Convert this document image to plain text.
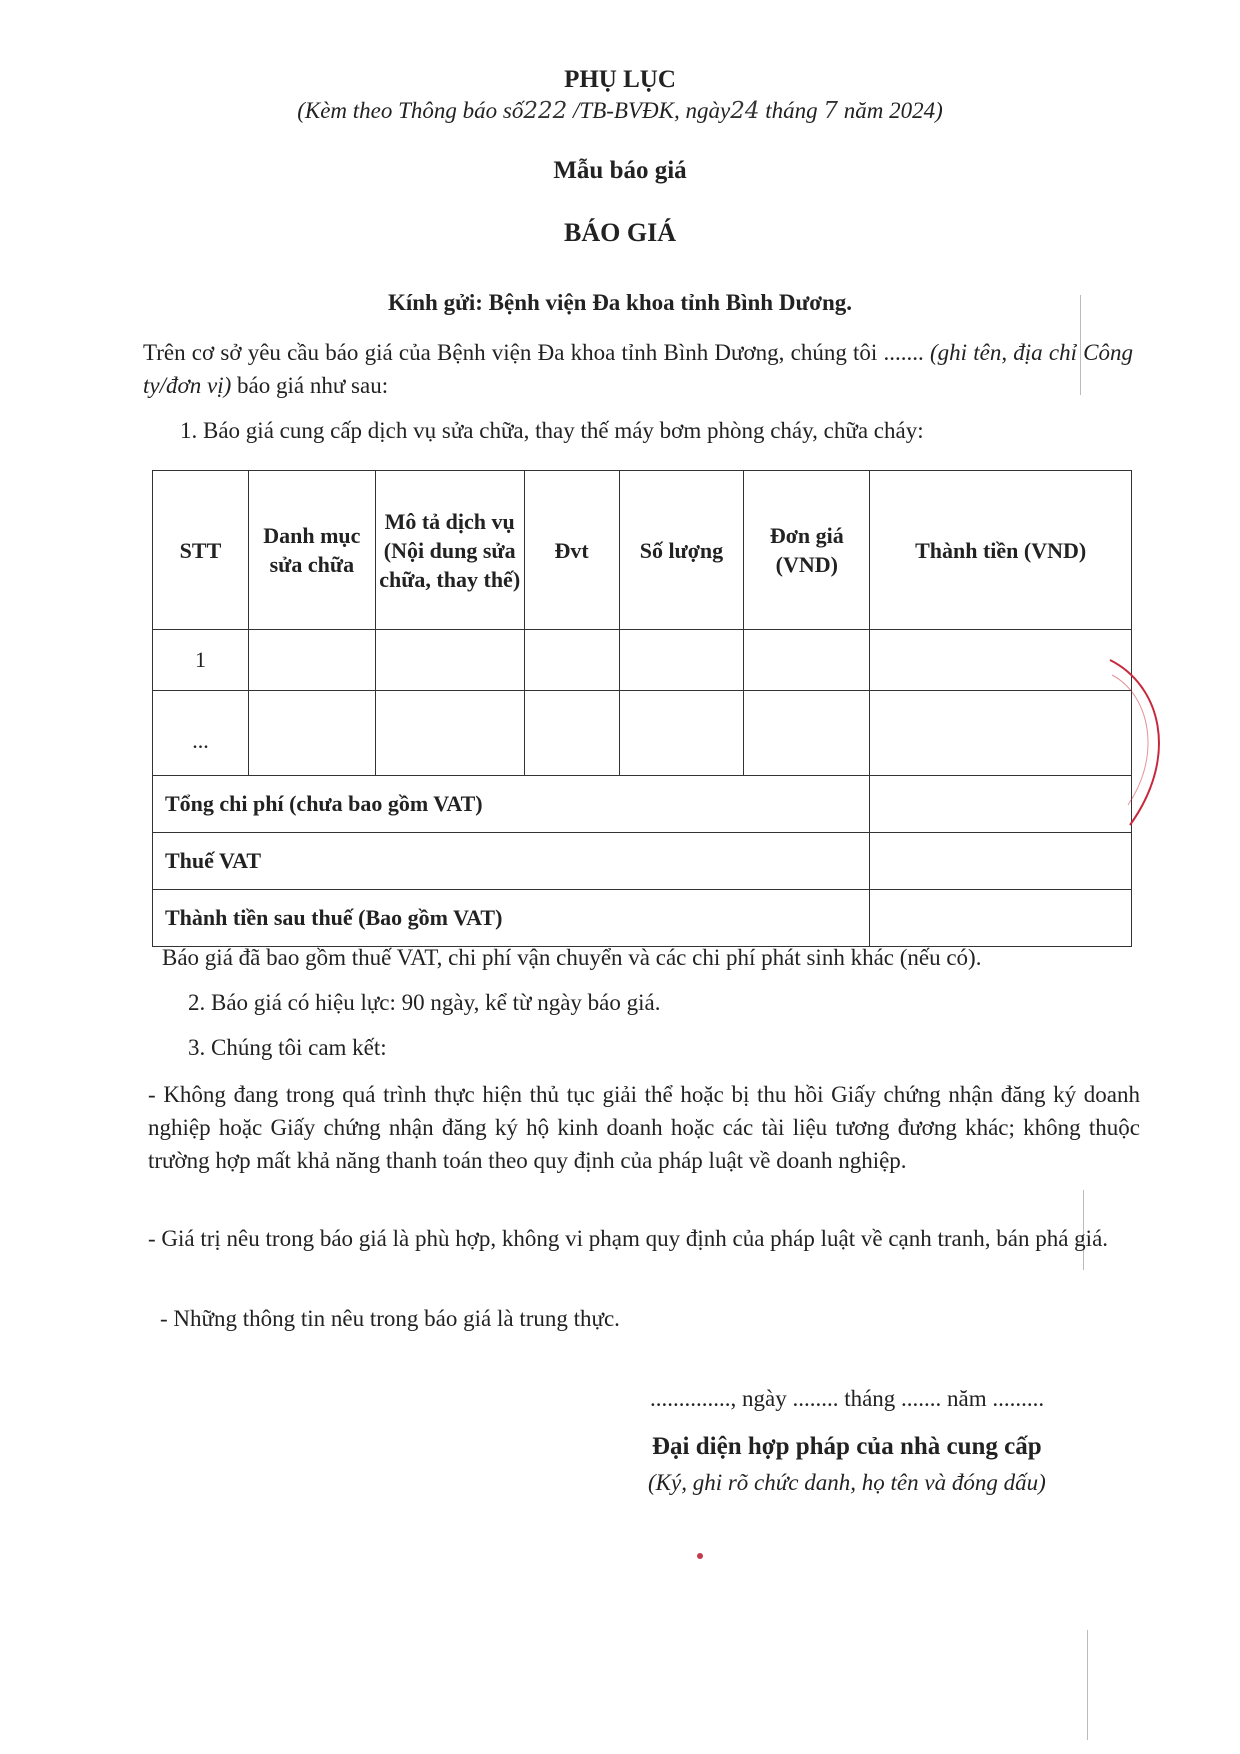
PHỤ LỤC
(Kèm theo Thông báo số222 /TB-BVĐK, ngày24 tháng 7 năm 2024)
Mẫu báo giá
BÁO GIÁ
Kính gửi: Bệnh viện Đa khoa tỉnh Bình Dương.
Trên cơ sở yêu cầu báo giá của Bệnh viện Đa khoa tỉnh Bình Dương, chúng tôi ....... (ghi tên, địa chỉ Công ty/đơn vị) báo giá như sau:
1. Báo giá cung cấp dịch vụ sửa chữa, thay thế máy bơm phòng cháy, chữa cháy:
STT	Danh mục sửa chữa	Mô tả dịch vụ (Nội dung sửa chữa, thay thế)	Đvt	Số lượng	Đơn giá (VND)	Thành tiền (VND)
1						
...						
Tổng chi phí (chưa bao gồm VAT)						
Thuế VAT						
Thành tiền sau thuế (Bao gồm VAT)						
Báo giá đã bao gồm thuế VAT, chi phí vận chuyển và các chi phí phát sinh khác (nếu có).
2. Báo giá có hiệu lực: 90 ngày, kể từ ngày báo giá.
3. Chúng tôi cam kết:
- Không đang trong quá trình thực hiện thủ tục giải thể hoặc bị thu hồi Giấy chứng nhận đăng ký doanh nghiệp hoặc Giấy chứng nhận đăng ký hộ kinh doanh hoặc các tài liệu tương đương khác; không thuộc trường hợp mất khả năng thanh toán theo quy định của pháp luật về doanh nghiệp.
- Giá trị nêu trong báo giá là phù hợp, không vi phạm quy định của pháp luật về cạnh tranh, bán phá giá.
- Những thông tin nêu trong báo giá là trung thực.
.............., ngày ........ tháng ....... năm .........
Đại diện hợp pháp của nhà cung cấp
(Ký, ghi rõ chức danh, họ tên và đóng dấu)
